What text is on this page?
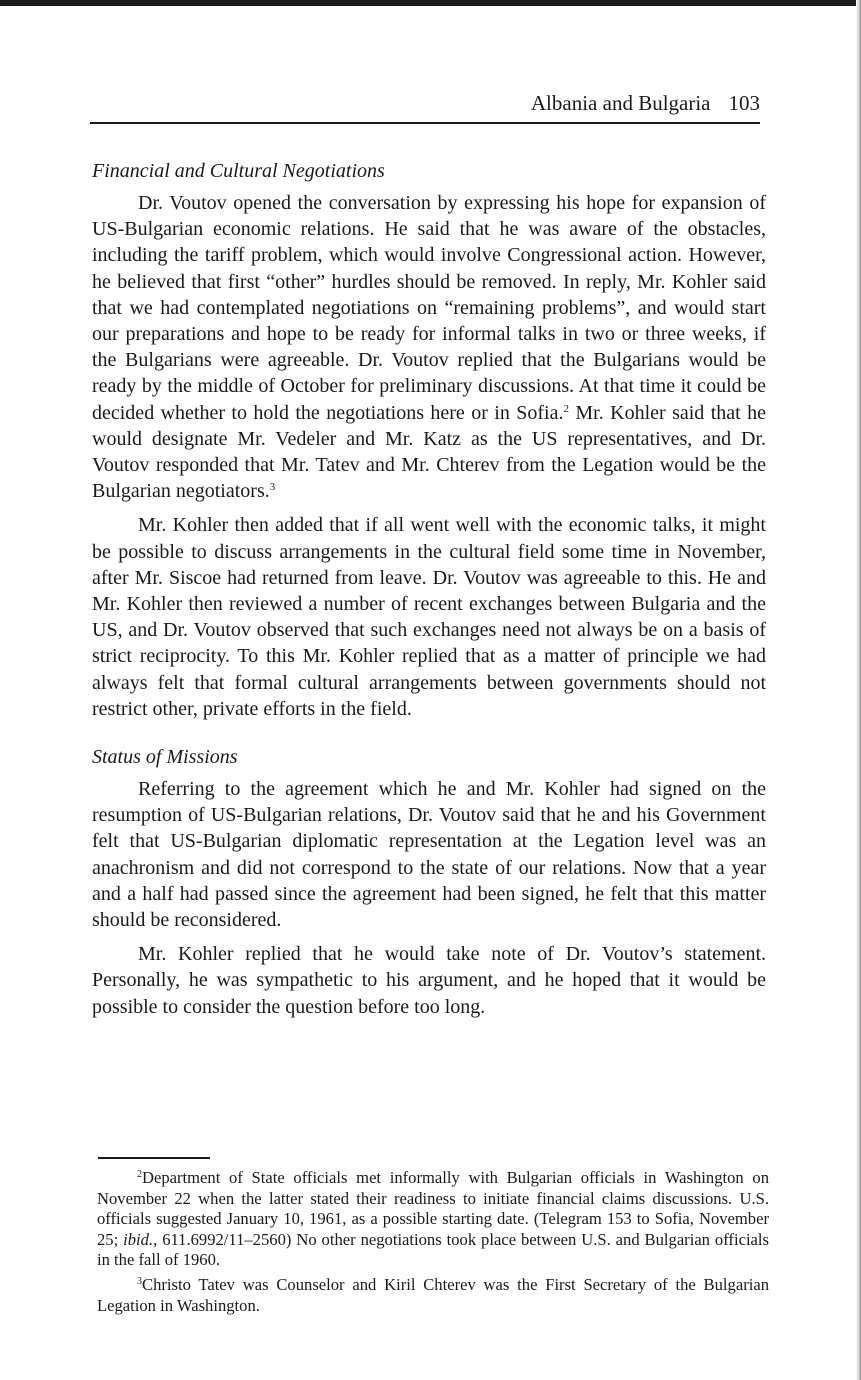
Albania and Bulgaria 103
Financial and Cultural Negotiations

Dr. Voutov opened the conversation by expressing his hope for expansion of US-Bulgarian economic relations. He said that he was aware of the obstacles, including the tariff problem, which would involve Congressional action. However, he believed that first “other” hurdles should be removed. In reply, Mr. Kohler said that we had contemplated negotiations on “remaining problems”, and would start our preparations and hope to be ready for informal talks in two or three weeks, if the Bulgarians were agreeable. Dr. Voutov replied that the Bulgarians would be ready by the middle of October for preliminary discussions. At that time it could be decided whether to hold the negotiations here or in Sofia.$^2$ Mr. Kohler said that he would designate Mr. Vedeler and Mr. Katz as the US representatives, and Dr. Voutov responded that Mr. Tatev and Mr. Chterev from the Legation would be the Bulgarian negotiators.$^3$

Mr. Kohler then added that if all went well with the economic talks, it might be possible to discuss arrangements in the cultural field some time in November, after Mr. Siscoe had returned from leave. Dr. Voutov was agreeable to this. He and Mr. Kohler then reviewed a number of recent exchanges between Bulgaria and the US, and Dr. Voutov observed that such exchanges need not always be on a basis of strict reciprocity. To this Mr. Kohler replied that as a matter of principle we had always felt that formal cultural arrangements between governments should not restrict other, private efforts in the field.

Status of Missions

Referring to the agreement which he and Mr. Kohler had signed on the resumption of US-Bulgarian relations, Dr. Voutov said that he and his Government felt that US-Bulgarian diplomatic representation at the Legation level was an anachronism and did not correspond to the state of our relations. Now that a year and a half had passed since the agreement had been signed, he felt that this matter should be reconsidered.

Mr. Kohler replied that he would take note of Dr. Voutov’s statement. Personally, he was sympathetic to his argument, and he hoped that it would be possible to consider the question before too long.

$^2$Department of State officials met informally with Bulgarian officials in Washington on November 22 when the latter stated their readiness to initiate financial claims discussions. U.S. officials suggested January 10, 1961, as a possible starting date. (Telegram 153 to Sofia, November 25; ibid., 611.6992/11–2560) No other negotiations took place between U.S. and Bulgarian officials in the fall of 1960.

$^3$Christo Tatev was Counselor and Kiril Chterev was the First Secretary of the Bulgarian Legation in Washington.
